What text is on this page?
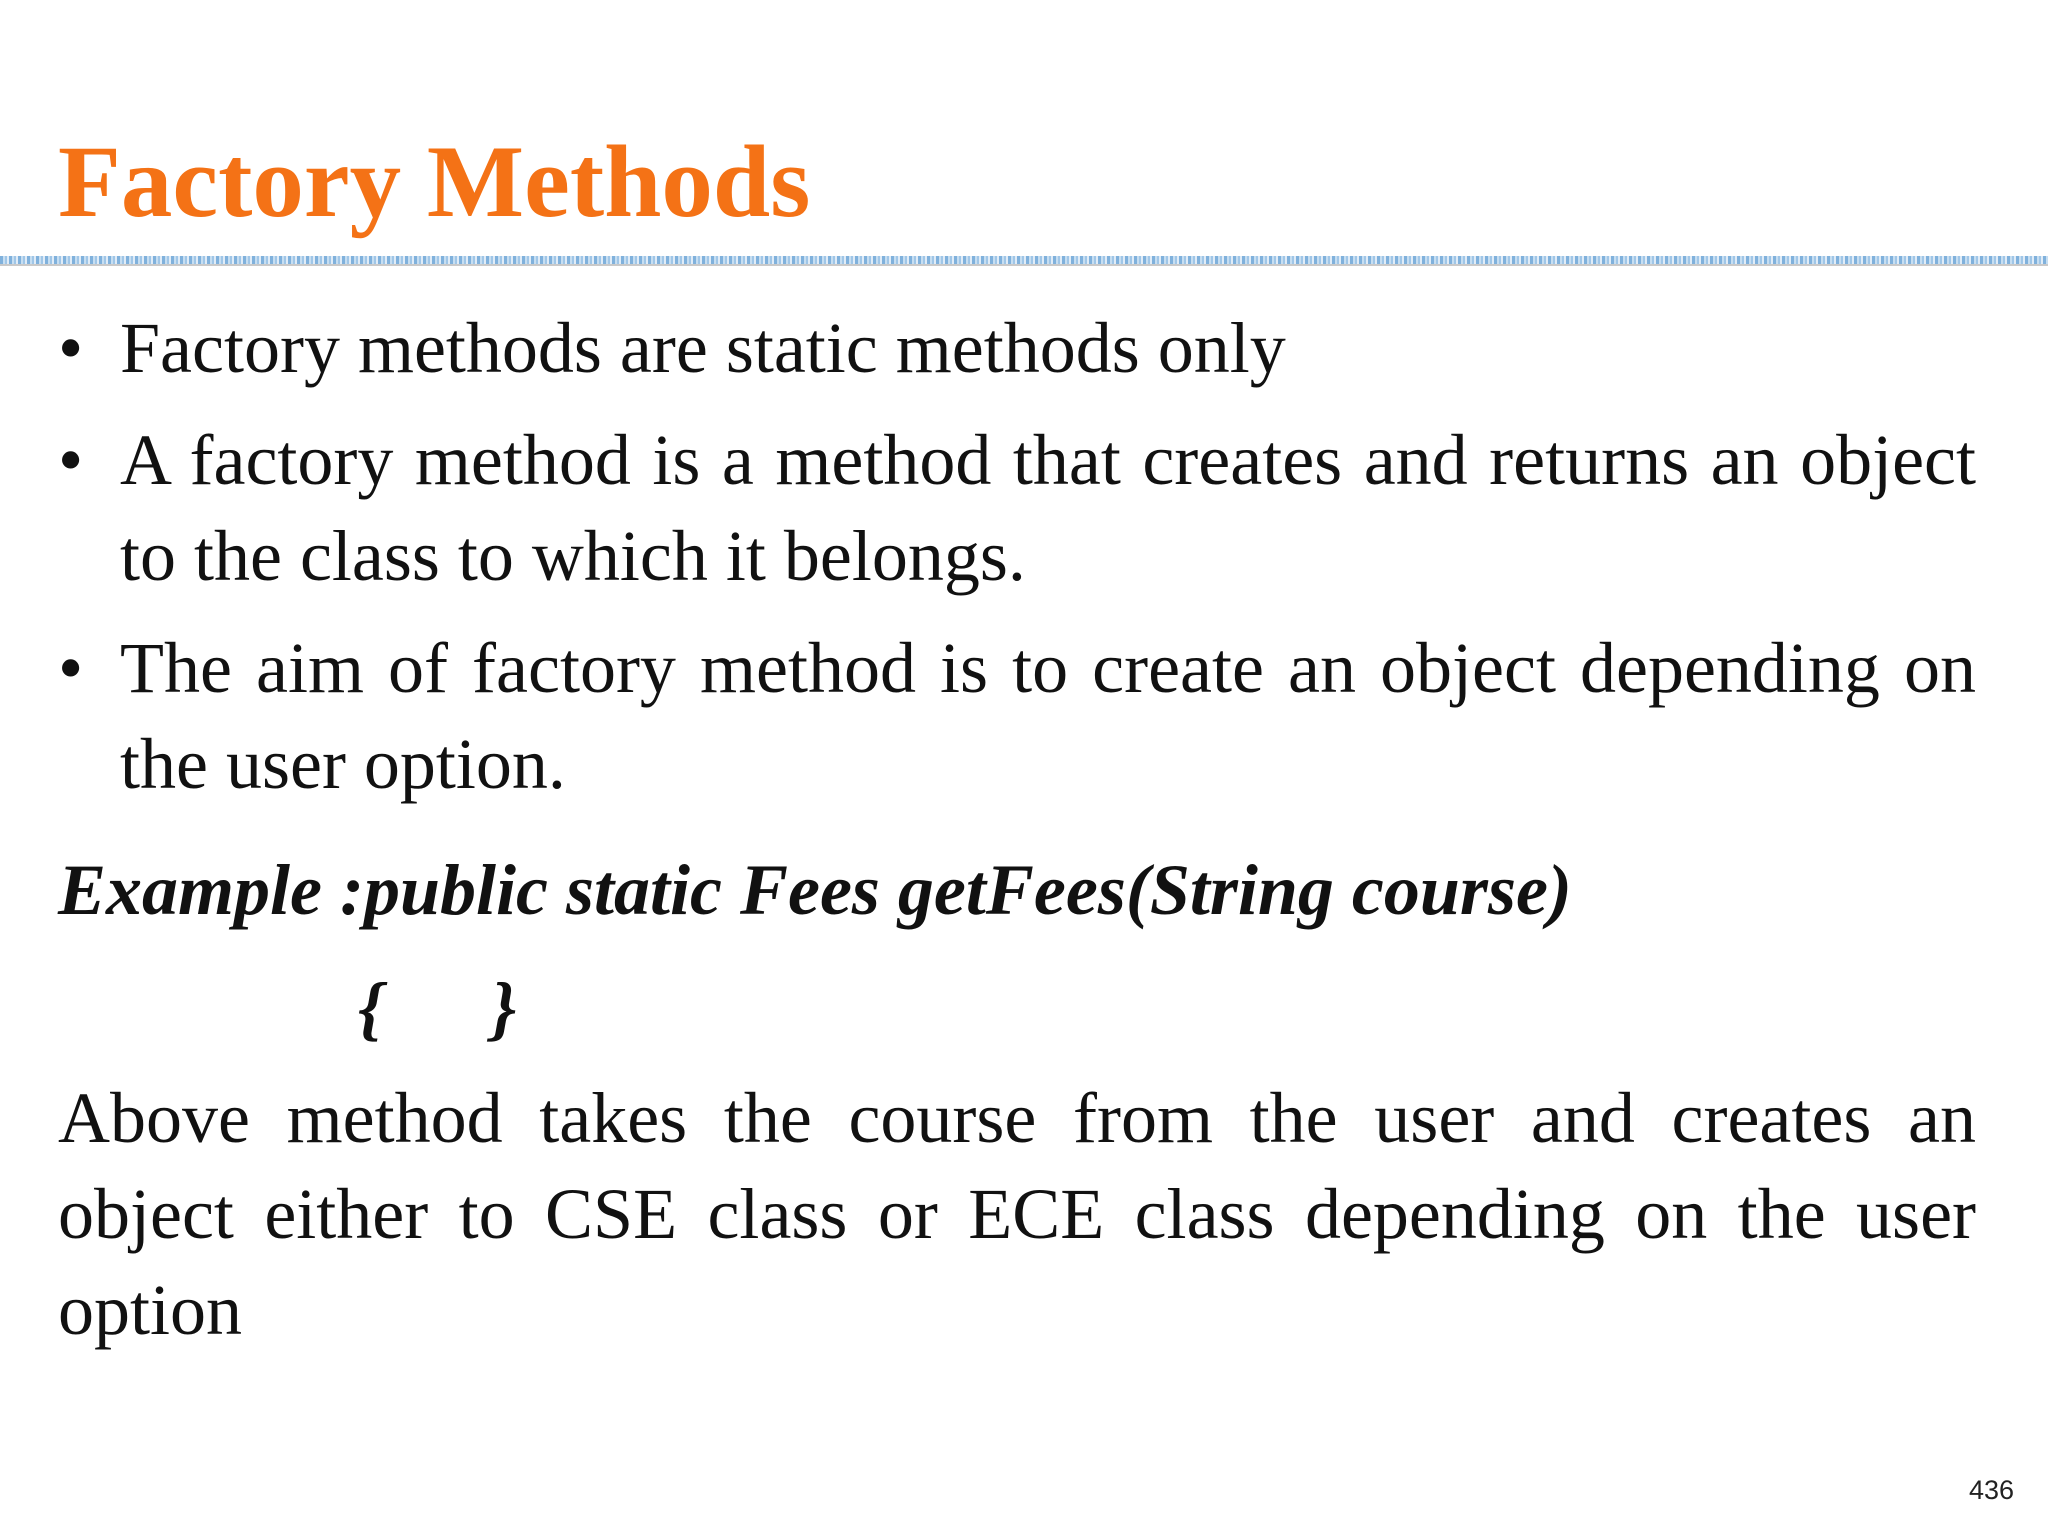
Factory Methods
• Factory methods are static methods only
• A factory method is a method that creates and returns an object to the class to which it belongs.
• The aim of factory method is to create an object depending on the user option.

Example :public static Fees getFees(String course)

{      }

Above method takes the course from the user and creates an object either to CSE class or ECE class depending on the user option

436
